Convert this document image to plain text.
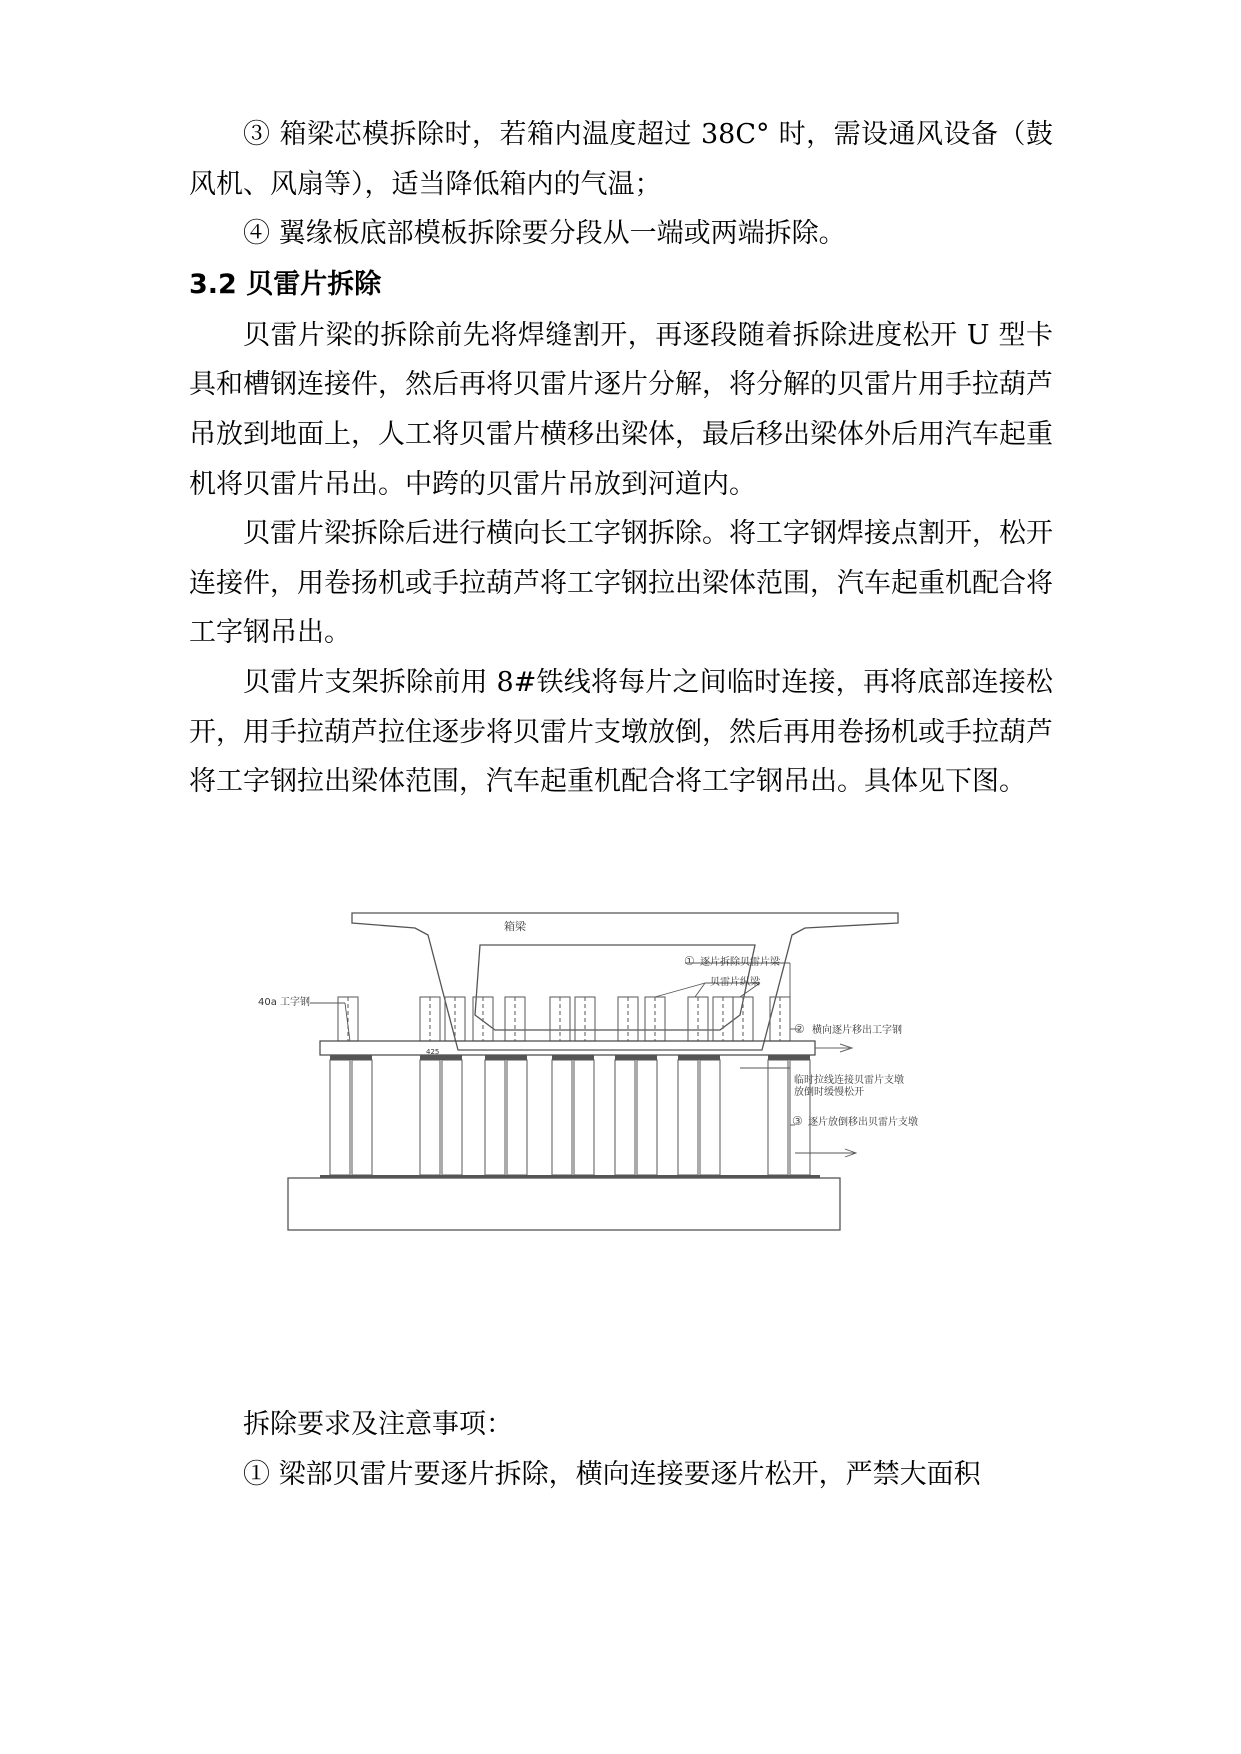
③ 箱梁芯模拆除时，若箱内温度超过 38C° 时，需设通风设备（鼓风机、风扇等），适当降低箱内的气温；

④ 翼缘板底部模板拆除要分段从一端或两端拆除。

3.2 贝雷片拆除

贝雷片梁的拆除前先将焊缝割开，再逐段随着拆除进度松开 U 型卡具和槽钢连接件，然后再将贝雷片逐片分解，将分解的贝雷片用手拉葫芦吊放到地面上，人工将贝雷片横移出梁体，最后移出梁体外后用汽车起重机将贝雷片吊出。中跨的贝雷片吊放到河道内。

贝雷片梁拆除后进行横向长工字钢拆除。将工字钢焊接点割开，松开连接件，用卷扬机或手拉葫芦将工字钢拉出梁体范围，汽车起重机配合将工字钢吊出。

贝雷片支架拆除前用 8#铁线将每片之间临时连接，再将底部连接松开，用手拉葫芦拉住逐步将贝雷片支墩放倒，然后再用卷扬机或手拉葫芦将工字钢拉出梁体范围，汽车起重机配合将工字钢吊出。具体见下图。

箱梁
40a 工字钢
① 逐片拆除贝雷片梁
贝雷片纵梁
② 横向逐片移出工字钢
425
临时拉线连接贝雷片支墩
放倒时缓慢松开
③ 逐片放倒移出贝雷片支墩

拆除要求及注意事项：

① 梁部贝雷片要逐片拆除，横向连接要逐片松开，严禁大面积
